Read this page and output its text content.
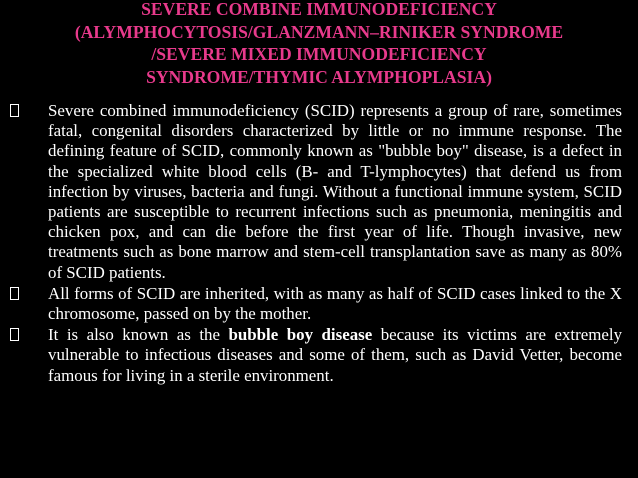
SEVERE COMBINE IMMUNODEFICIENCY
(ALYMPHOCYTOSIS/GLANZMANN–RINIKER SYNDROME
/SEVERE MIXED IMMUNODEFICIENCY
SYNDROME/THYMIC ALYMPHOPLASIA)
Severe combined immunodeficiency (SCID) represents a group of rare, sometimes fatal, congenital disorders characterized by little or no immune response. The defining feature of SCID, commonly known as "bubble boy" disease, is a defect in the specialized white blood cells (B- and T-lymphocytes) that defend us from infection by viruses, bacteria and fungi. Without a functional immune system, SCID patients are susceptible to recurrent infections such as pneumonia, meningitis and chicken pox, and can die before the first year of life. Though invasive, new treatments such as bone marrow and stem-cell transplantation save as many as 80% of SCID patients.
All forms of SCID are inherited, with as many as half of SCID cases linked to the X chromosome, passed on by the mother.
It is also known as the bubble boy disease because its victims are extremely vulnerable to infectious diseases and some of them, such as David Vetter, become famous for living in a sterile environment.
